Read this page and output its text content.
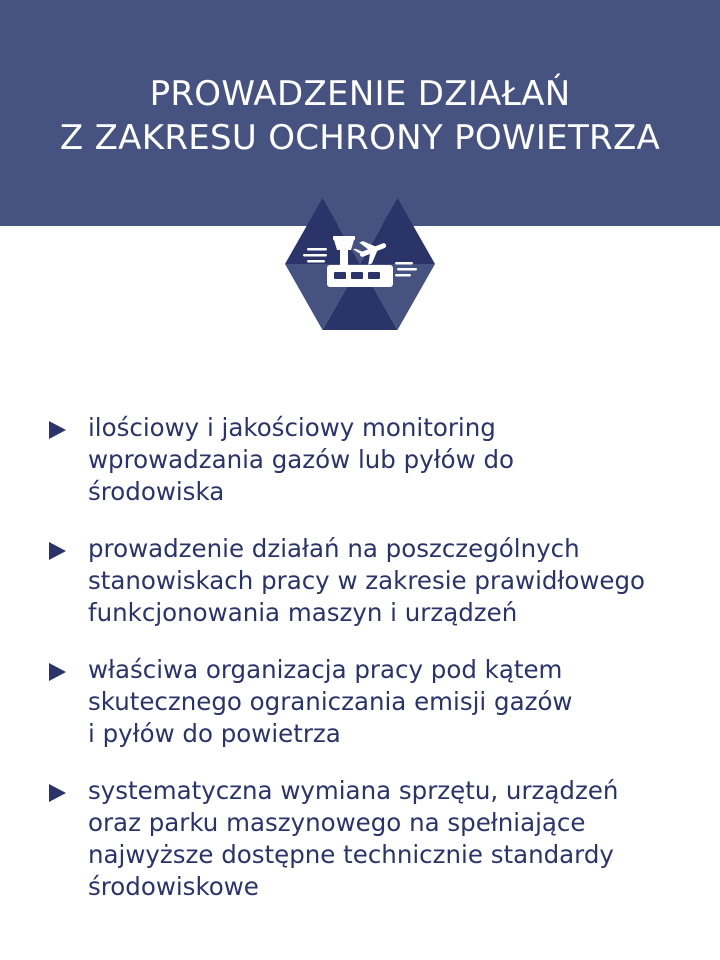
PROWADZENIE DZIAŁAŃ
Z ZAKRESU OCHRONY POWIETRZA
ilościowy i jakościowy monitoring
wprowadzania gazów lub pyłów do
środowiska
prowadzenie działań na poszczególnych
stanowiskach pracy w zakresie prawidłowego
funkcjonowania maszyn i urządzeń
właściwa organizacja pracy pod kątem
skutecznego ograniczania emisji gazów
i pyłów do powietrza
systematyczna wymiana sprzętu, urządzeń
oraz parku maszynowego na spełniające
najwyższe dostępne technicznie standardy
środowiskowe
